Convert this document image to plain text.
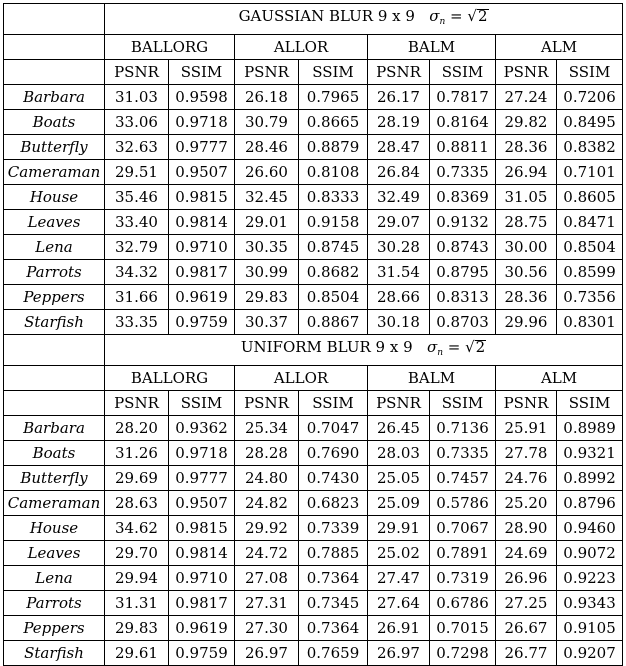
	GAUSSIAN BLUR 9 x 9 $\sigma_n = √2$							
	BALLORG		ALLOR		BALM		ALM	
	PSNR	SSIM	PSNR	SSIM	PSNR	SSIM	PSNR	SSIM
Barbara	31.03	0.9598	26.18	0.7965	26.17	0.7817	27.24	0.7206
Boats	33.06	0.9718	30.79	0.8665	28.19	0.8164	29.82	0.8495
Butterfly	32.63	0.9777	28.46	0.8879	28.47	0.8811	28.36	0.8382
Cameraman	29.51	0.9507	26.60	0.8108	26.84	0.7335	26.94	0.7101
House	35.46	0.9815	32.45	0.8333	32.49	0.8369	31.05	0.8605
Leaves	33.40	0.9814	29.01	0.9158	29.07	0.9132	28.75	0.8471
Lena	32.79	0.9710	30.35	0.8745	30.28	0.8743	30.00	0.8504
Parrots	34.32	0.9817	30.99	0.8682	31.54	0.8795	30.56	0.8599
Peppers	31.66	0.9619	29.83	0.8504	28.66	0.8313	28.36	0.7356
Starfish	33.35	0.9759	30.37	0.8867	30.18	0.8703	29.96	0.8301
	UNIFORM BLUR 9 x 9 $\sigma_n = √2$							
	BALLORG		ALLOR		BALM		ALM	
	PSNR	SSIM	PSNR	SSIM	PSNR	SSIM	PSNR	SSIM
Barbara	28.20	0.9362	25.34	0.7047	26.45	0.7136	25.91	0.8989
Boats	31.26	0.9718	28.28	0.7690	28.03	0.7335	27.78	0.9321
Butterfly	29.69	0.9777	24.80	0.7430	25.05	0.7457	24.76	0.8992
Cameraman	28.63	0.9507	24.82	0.6823	25.09	0.5786	25.20	0.8796
House	34.62	0.9815	29.92	0.7339	29.91	0.7067	28.90	0.9460
Leaves	29.70	0.9814	24.72	0.7885	25.02	0.7891	24.69	0.9072
Lena	29.94	0.9710	27.08	0.7364	27.47	0.7319	26.96	0.9223
Parrots	31.31	0.9817	27.31	0.7345	27.64	0.6786	27.25	0.9343
Peppers	29.83	0.9619	27.30	0.7364	26.91	0.7015	26.67	0.9105
Starfish	29.61	0.9759	26.97	0.7659	26.97	0.7298	26.77	0.9207
